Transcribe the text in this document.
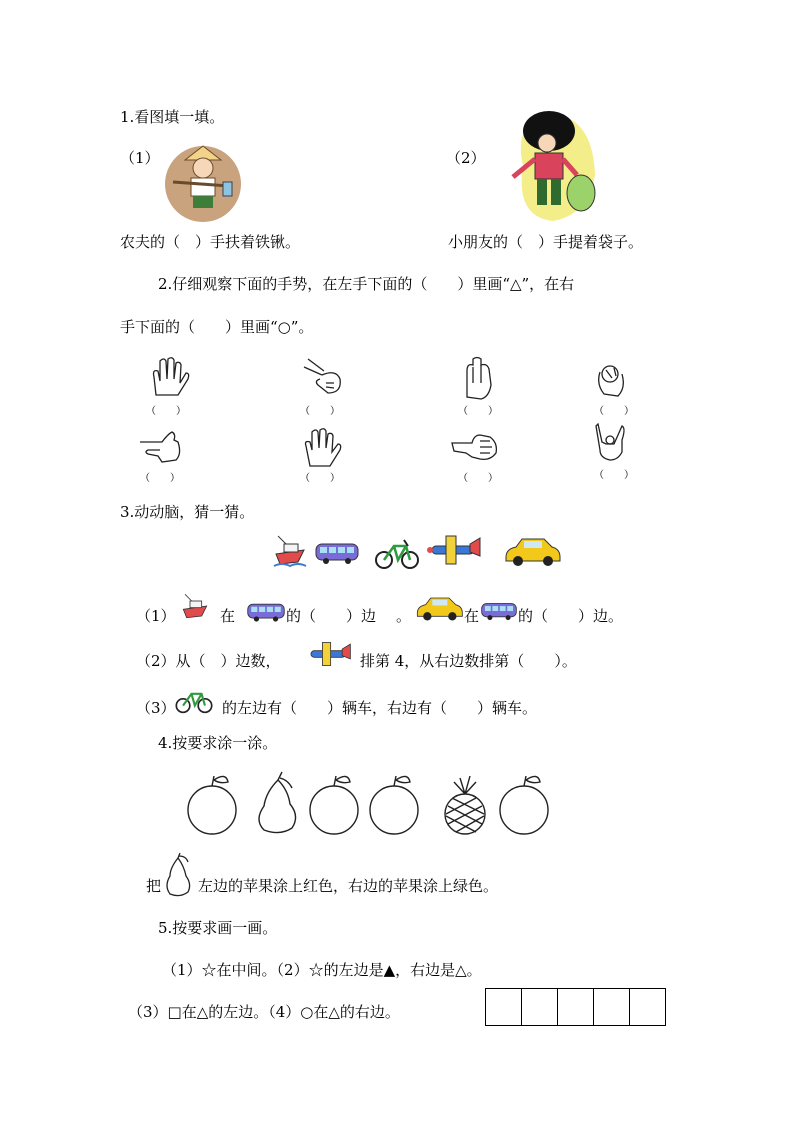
1.看图填一填。
（1）	（2）
农夫的（　）手扶着铁锹。	小朋友的（　）手提着袋子。
2.仔细观察下面的手势，在左手下面的（　　）里画“△”，在右
手下面的（　　）里画“○”。
（　　）	（　　）	（　　）	（　　）
（　　）	（　　）	（　　）	（　　）
3.动动脑，猜一猜。
（1）	在	的（　　）边 。	在	的（　　）边。
（2）从（　）边数，	排第 4，从右边数排第（　　）。
（3）	的左边有（　　）辆车，右边有（　　）辆车。
4.按要求涂一涂。
把 左边的苹果涂上红色，右边的苹果涂上绿色。
5.按要求画一画。
（1）☆在中间。（2）☆的左边是▲，右边是△。
（3）□在△的左边。（4）○在△的右边。
